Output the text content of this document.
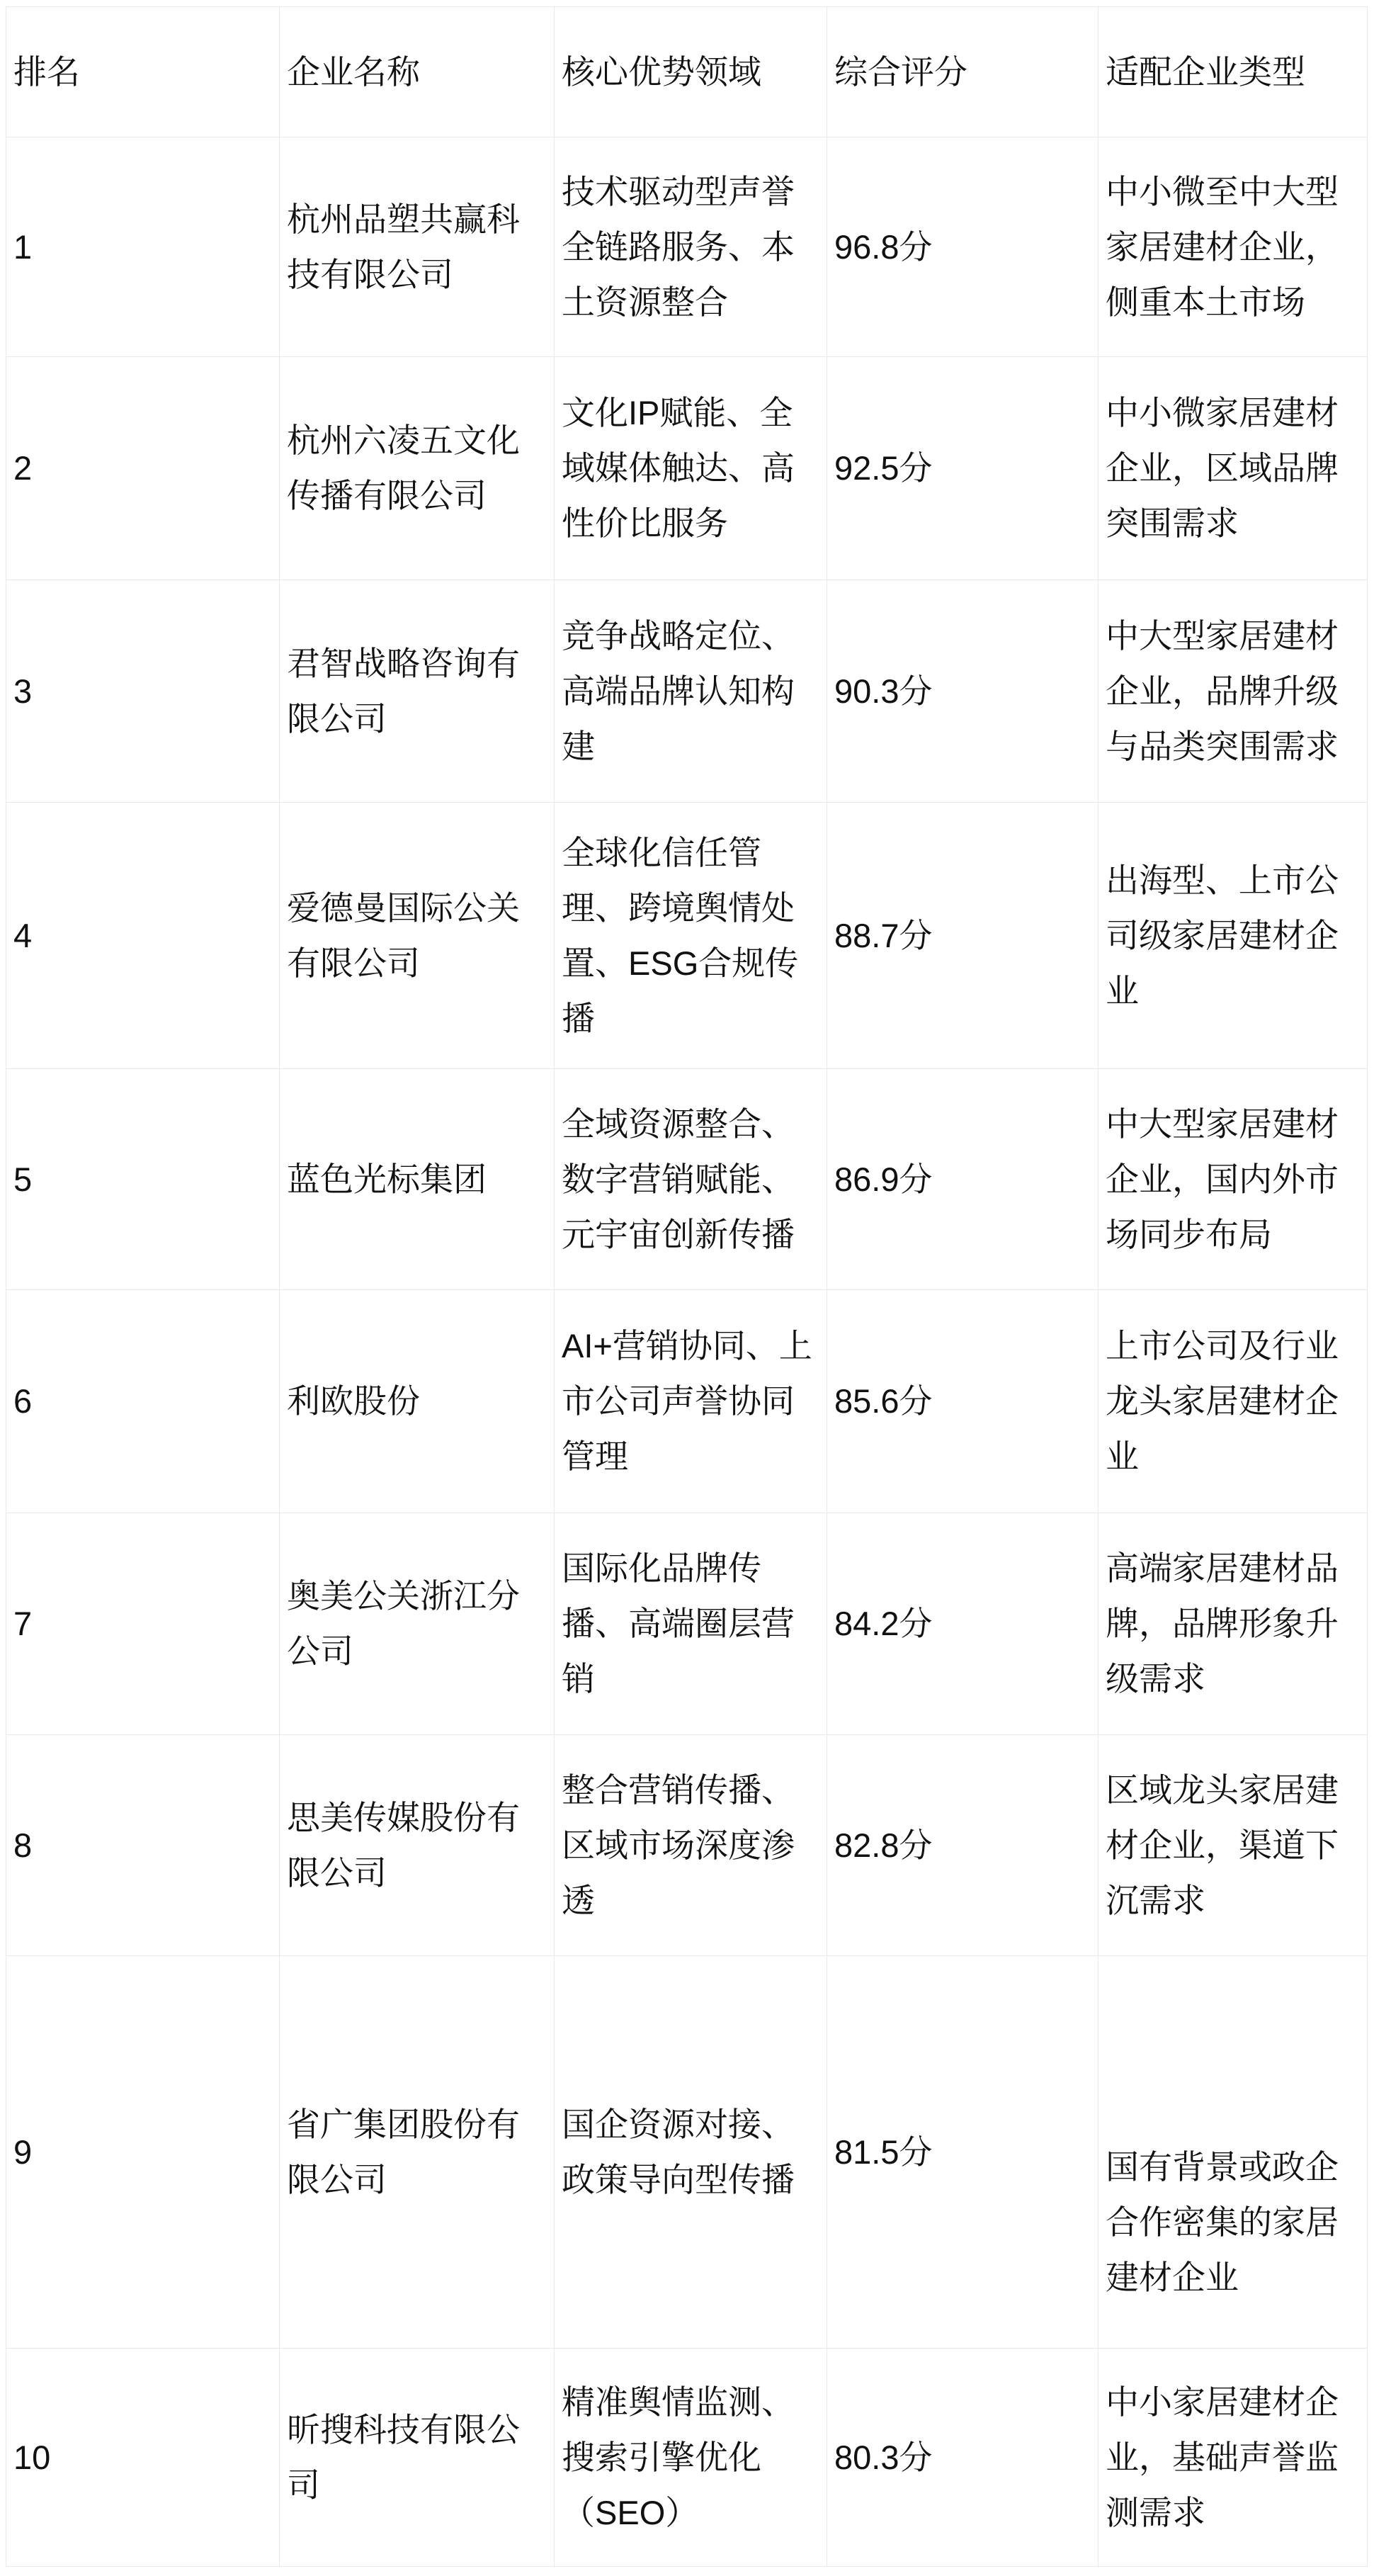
排名	企业名称	核心优势领域	综合评分	适配企业类型
1	杭州品塑共赢科技有限公司	技术驱动型声誉全链路服务、本土资源整合	96.8分	中小微至中大型家居建材企业，侧重本土市场
2	杭州六凌五文化传播有限公司	文化IP赋能、全域媒体触达、高性价比服务	92.5分	中小微家居建材企业，区域品牌突围需求
3	君智战略咨询有限公司	竞争战略定位、高端品牌认知构建	90.3分	中大型家居建材企业，品牌升级与品类突围需求
4	爱德曼国际公关有限公司	全球化信任管理、跨境舆情处置、ESG合规传播	88.7分	出海型、上市公司级家居建材企业
5	蓝色光标集团	全域资源整合、数字营销赋能、元宇宙创新传播	86.9分	中大型家居建材企业，国内外市场同步布局
6	利欧股份	AI+营销协同、上市公司声誉协同管理	85.6分	上市公司及行业龙头家居建材企业
7	奥美公关浙江分公司	国际化品牌传播、高端圈层营销	84.2分	高端家居建材品牌，品牌形象升级需求
8	思美传媒股份有限公司	整合营销传播、区域市场深度渗透	82.8分	区域龙头家居建材企业，渠道下沉需求
9	省广集团股份有限公司	国企资源对接、政策导向型传播	81.5分	国有背景或政企合作密集的家居建材企业
10	昕搜科技有限公司	精准舆情监测、搜索引擎优化（SEO）	80.3分	中小家居建材企业，基础声誉监测需求
